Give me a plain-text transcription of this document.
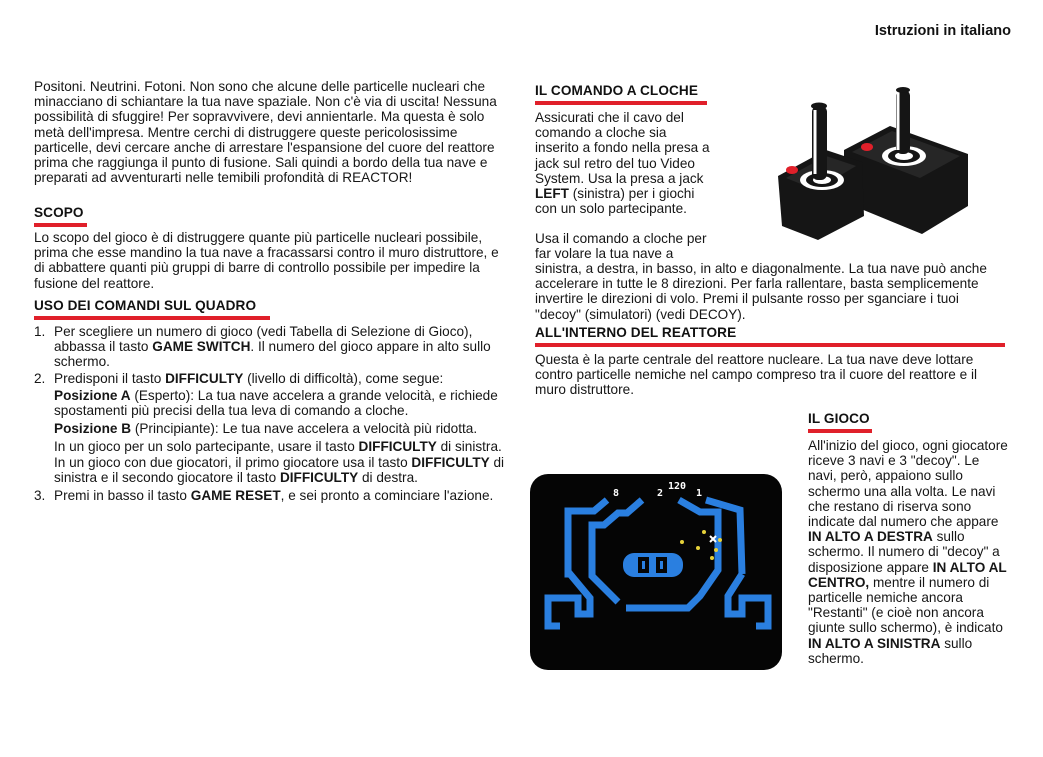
Istruzioni in italiano
Positoni. Neutrini. Fotoni. Non sono che alcune delle particelle nucleari che minacciano di schiantare la tua nave spaziale. Non c'è via di uscita! Nessuna possibilità di sfuggire! Per sopravvivere, devi annientarle. Ma questa è solo metà dell'impresa. Mentre cerchi di distruggere queste pericolosissime particelle, devi cercare anche di arrestare l'espansione del cuore del reattore prima che raggiunga il punto di fusione. Sali quindi a bordo della tua nave e preparati ad avventurarti nelle temibili profondità di REACTOR!
SCOPO
Lo scopo del gioco è di distruggere quante più particelle nucleari possibile, prima che esse mandino la tua nave a fracassarsi contro il muro distruttore, e di abbattere quanti più gruppi di barre di controllo possibile per impedire la fusione del reattore.
USO DEI COMANDI SUL QUADRO
1. Per scegliere un numero di gioco (vedi Tabella di Selezione di Gioco), abbassa il tasto GAME SWITCH. Il numero del gioco appare in alto sullo schermo.
2. Predisponi il tasto DIFFICULTY (livello di difficoltà), come segue:
Posizione A (Esperto): La tua nave accelera a grande velocità, e richiede spostamenti più precisi della tua leva di comando a cloche.
Posizione B (Principiante): Le tua nave accelera a velocità più ridotta.
In un gioco per un solo partecipante, usare il tasto DIFFICULTY di sinistra. In un gioco con due giocatori, il primo giocatore usa il tasto DIFFICULTY di sinistra e il secondo giocatore il tasto DIFFICULTY di destra.
3. Premi in basso il tasto GAME RESET, e sei pronto a cominciare l'azione.
IL COMANDO A CLOCHE
Assicurati che il cavo del comando a cloche sia inserito a fondo nella presa a jack sul retro del tuo Video System. Usa la presa a jack LEFT (sinistra) per i giochi con un solo partecipante.
Usa il comando a cloche per far volare la tua nave a
sinistra, a destra, in basso, in alto e diagonalmente. La tua nave può anche accelerare in tutte le 8 direzioni. Per farla rallentare, basta semplicemente invertire le direzioni di volo. Premi il pulsante rosso per sganciare i tuoi "decoy" (simulatori) (vedi DECOY).
ALL'INTERNO DEL REATTORE
Questa è la parte centrale del reattore nucleare. La tua nave deve lottare contro particelle nemiche nel campo compreso tra il cuore del reattore e il muro distruttore.
IL GIOCO
All'inizio del gioco, ogni giocatore riceve 3 navi e 3 "decoy". Le navi, però, appaiono sullo schermo una alla volta. Le navi che restano di riserva sono indicate dal numero che appare IN ALTO A DESTRA sullo schermo. Il numero di "decoy" a disposizione appare IN ALTO AL CENTRO, mentre il numero di particelle nemiche ancora "Restanti" (e cioè non ancora giunte sullo schermo), è indicato IN ALTO A SINISTRA sullo schermo.
120
8	2	1
